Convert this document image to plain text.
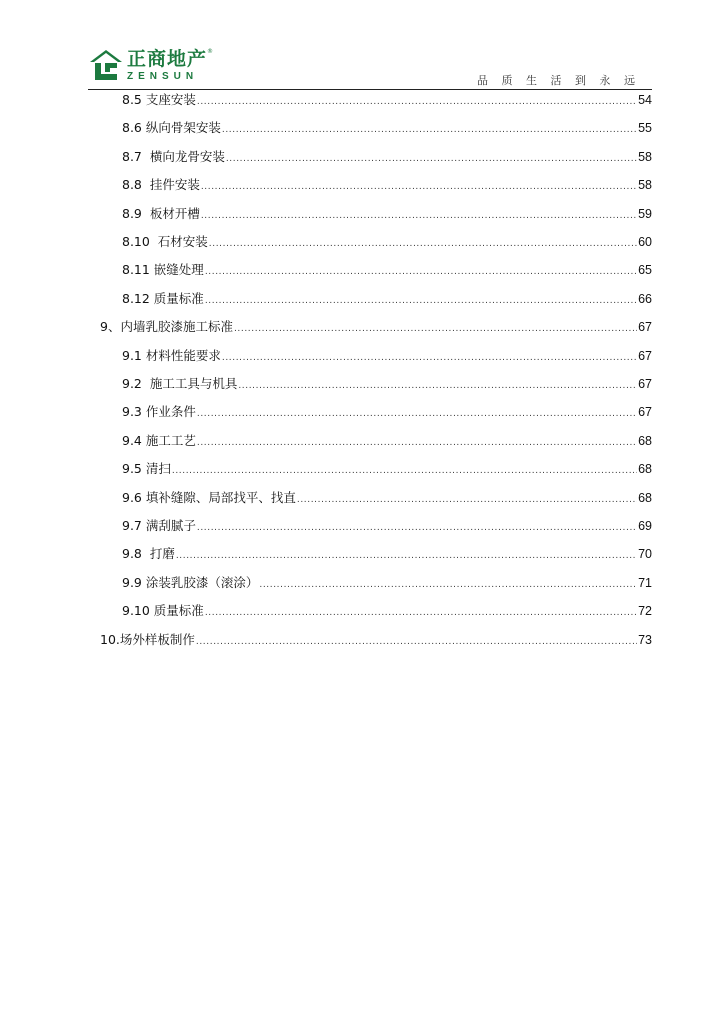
正商地产®
ZENSUN	品 质 生 活 到 永 远
8.5 支座安装 .....	54
8.6 纵向骨架安装 .....	55
8.7  横向龙骨安装 .....	58
8.8  挂件安装 .....	58
8.9  板材开槽 .....	59
8.10  石材安装 .....	60
8.11 嵌缝处理 .....	65
8.12 质量标准 .....	66
9、内墙乳胶漆施工标准 .....	67
9.1 材料性能要求 .....	67
9.2  施工工具与机具 .....	67
9.3 作业条件 .....	67
9.4 施工工艺 .....	68
9.5 清扫 .....	68
9.6 填补缝隙、局部找平、找直 .....	68
9.7 满刮腻子 .....	69
9.8  打磨 .....	70
9.9 涂装乳胶漆（滚涂） .....	71
9.10 质量标准 .....	72
10.场外样板制作 .....	73
